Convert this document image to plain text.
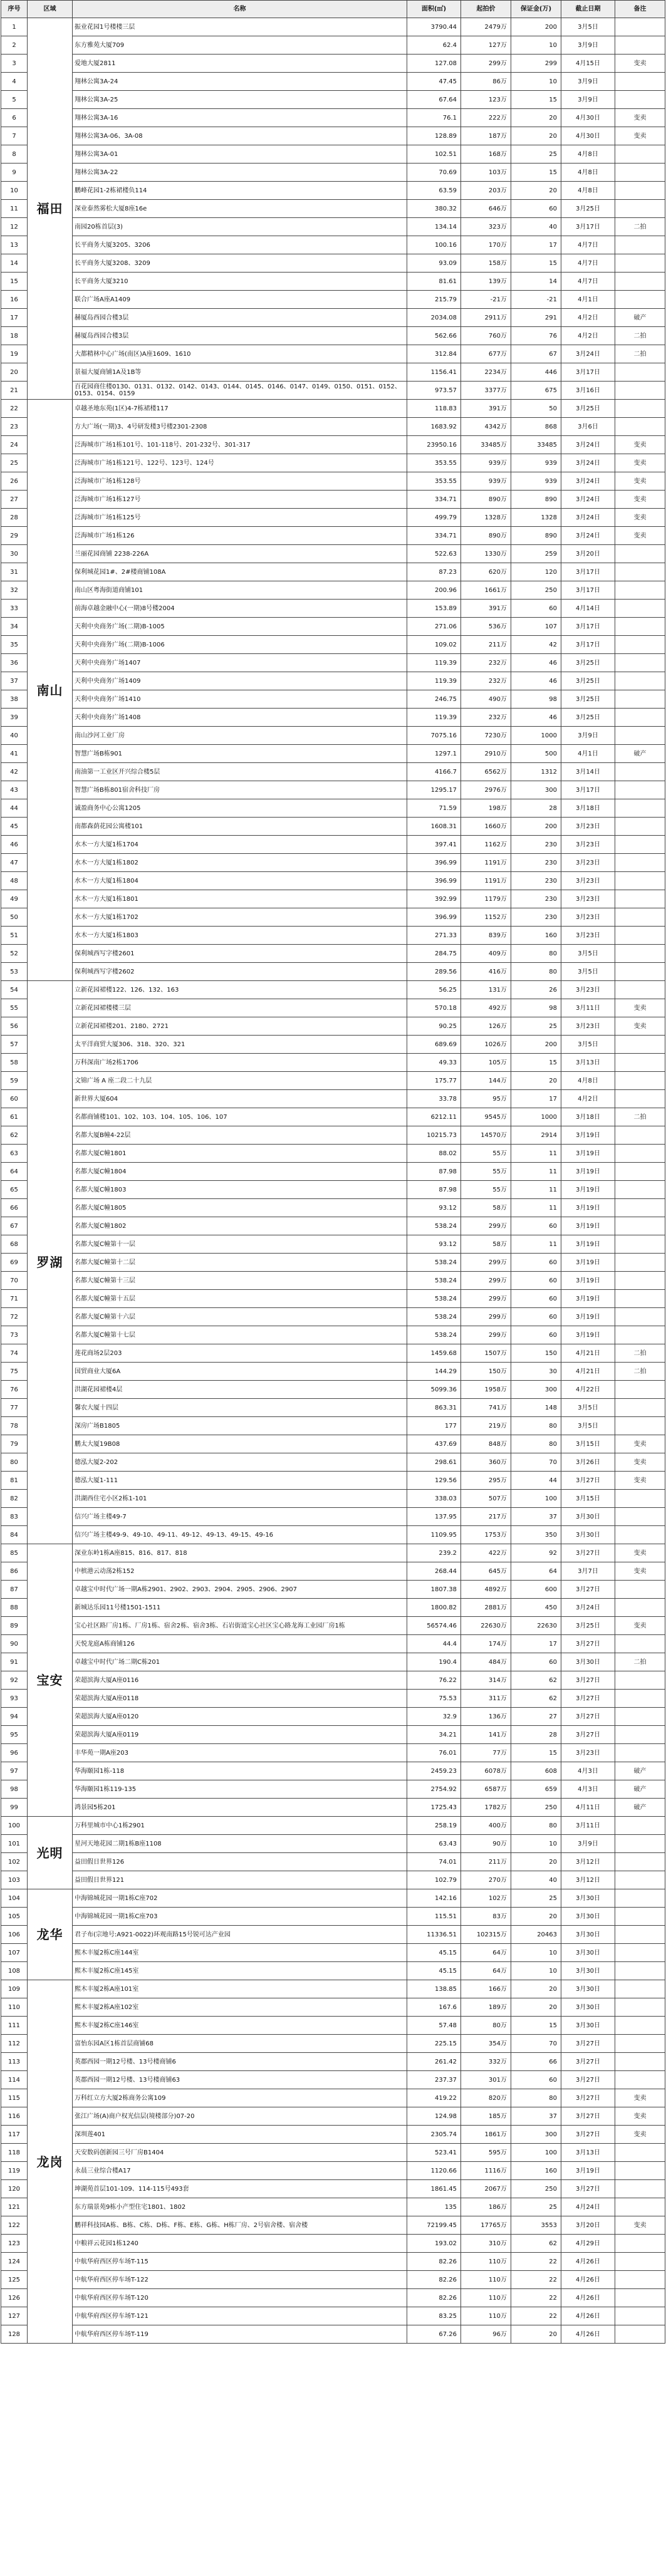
序号	区域	名称	面积(㎡)	起拍价	保证金(万)	截止日期	备注
1	福田	振业花园1号楼楼三层	3790.44	2479万	200	3月5日	
2		东方雅苑大厦709	62.4	127万	10	3月9日	
3		爱地大厦2811	127.08	299万	299	4月15日	变卖
4		翔林公寓3A-24	47.45	86万	10	3月9日	
5		翔林公寓3A-25	67.64	123万	15	3月9日	
6		翔林公寓3A-16	76.1	222万	20	4月30日	变卖
7		翔林公寓3A-06、3A-08	128.89	187万	20	4月30日	变卖
8		翔林公寓3A-01	102.51	168万	25	4月8日	
9		翔林公寓3A-22	70.69	103万	15	4月8日	
10		鹏峰花园1-2栋裙楼负114	63.59	203万	20	4月8日	
11		深业泰然雾松大厦8座16e	380.32	646万	60	3月25日	
12		南园20栋首层(3)	134.14	323万	40	3月17日	二拍
13		长平商务大厦3205、3206	100.16	170万	17	4月7日	
14		长平商务大厦3208、3209	93.09	158万	15	4月7日	
15		长平商务大厦3210	81.61	139万	14	4月7日	
16		联合广场A座A1409	215.79	-21万	-21	4月1日	
17		赫厦岛西园合楼3层	2034.08	2911万	291	4月2日	破产
18		赫厦岛西园合楼3层	562.66	760万	76	4月2日	二拍
19		大都精林中心广场(南区)A座1609、1610	312.84	677万	67	3月24日	二拍
20		景福大厦商铺1A及1B等	1156.41	2234万	446	3月17日	
21		百花园商住楼0130、0131、0132、0142、0143、0144、0145、0146、0147、0149、0150、0151、0152、0153、0154、0159	973.57	3377万	675	3月16日	
22	南山	卓越圣地东苑(1区)4-7栋裙楼117	118.83	391万	50	3月25日	
23		方大广场(一期)3、4号研发楼3号楼2301-2308	1683.92	4342万	868	3月6日	
24		泛海城市广场1栋101号、101-118号、201-232号、301-317	23950.16	33485万	33485	3月24日	变卖
25		泛海城市广场1栋121号、122号、123号、124号	353.55	939万	939	3月24日	变卖
26		泛海城市广场1栋128号	353.55	939万	939	3月24日	变卖
27		泛海城市广场1栋127号	334.71	890万	890	3月24日	变卖
28		泛海城市广场1栋125号	499.79	1328万	1328	3月24日	变卖
29		泛海城市广场1栋126	334.71	890万	890	3月24日	变卖
30		兰丽花园商铺 2238-226A	522.63	1330万	259	3月20日	
31		保利城花园1#、2#楼商铺108A	87.23	620万	120	3月17日	
32		南山区粤海街道商铺101	200.96	1661万	250	3月17日	
33		前海卓越金融中心(一期)8号楼2004	153.89	391万	60	4月14日	
34		天利中央商务广场(二期)B-1005	271.06	536万	107	3月17日	
35		天利中央商务广场(二期)B-1006	109.02	211万	42	3月17日	
36		天利中央商务广场1407	119.39	232万	46	3月25日	
37		天利中央商务广场1409	119.39	232万	46	3月25日	
38		天利中央商务广场1410	246.75	490万	98	3月25日	
39		天利中央商务广场1408	119.39	232万	46	3月25日	
40		南山沙河工业厂房	7075.16	7230万	1000	3月9日	
41		智慧广场B栋901	1297.1	2910万	500	4月1日	破产
42		南油第一工业区开兴综合楼5层	4166.7	6562万	1312	3月14日	
43		智慧广场B栋801宿舍科技厂房	1295.17	2976万	300	3月17日	
44		诚盈商务中心公寓1205	71.59	198万	28	3月18日	
45		南都森荫花园公寓楼101	1608.31	1660万	200	3月23日	
46		水木一方大厦1栋1704	397.41	1162万	230	3月23日	
47		水木一方大厦1栋1802	396.99	1191万	230	3月23日	
48		水木一方大厦1栋1804	396.99	1191万	230	3月23日	
49		水木一方大厦1栋1801	392.99	1179万	230	3月23日	
50		水木一方大厦1栋1702	396.99	1152万	230	3月23日	
51		水木一方大厦1栋1803	271.33	839万	160	3月23日	
52		保利城西写字楼2601	284.75	409万	80	3月5日	
53		保利城西写字楼2602	289.56	416万	80	3月5日	
54	罗湖	立新花园裙楼122、126、132、163	56.25	131万	26	3月23日	
55		立新花园裙楼楼三层	570.18	492万	98	3月11日	变卖
56		立新花园裙楼201、2180、2721	90.25	126万	25	3月23日	变卖
57		太平洋商贸大厦306、318、320、321	689.69	1026万	200	3月5日	
58		万科深南广场2栋1706	49.33	105万	15	3月13日	
59		文锦广场 A 座二段二十九层	175.77	144万	20	4月8日	
60		新世界大厦604	33.78	95万	17	4月2日	
61		名都商铺楼101、102、103、104、105、106、107	6212.11	9545万	1000	3月18日	二拍
62		名都大厦B幢4-22层	10215.73	14570万	2914	3月19日	
63		名都大厦C幢1801	88.02	55万	11	3月19日	
64		名都大厦C幢1804	87.98	55万	11	3月19日	
65		名都大厦C幢1803	87.98	55万	11	3月19日	
66		名都大厦C幢1805	93.12	58万	11	3月19日	
67		名都大厦C幢1802	538.24	299万	60	3月19日	
68		名都大厦C幢第十一层	93.12	58万	11	3月19日	
69		名都大厦C幢第十二层	538.24	299万	60	3月19日	
70		名都大厦C幢第十三层	538.24	299万	60	3月19日	
71		名都大厦C幢第十五层	538.24	299万	60	3月19日	
72		名都大厦C幢第十六层	538.24	299万	60	3月19日	
73		名都大厦C幢第十七层	538.24	299万	60	3月19日	
74		莲花商场2层203	1459.68	1507万	150	4月21日	二拍
75		国贸商业大厦6A	144.29	150万	30	4月21日	二拍
76		洪湖花园裙楼4层	5099.36	1958万	300	4月22日	
77		馨农大厦十四层	863.31	741万	148	3月5日	
78		深房广场B1805	177	219万	80	3月5日	
79		鹏太大厦19B08	437.69	848万	80	3月15日	变卖
80		德泓大厦2-202	298.61	360万	70	3月26日	变卖
81		德泓大厦1-111	129.56	295万	44	3月27日	变卖
82		洪湖西住宅小区2栋1-101	338.03	507万	100	3月15日	
83		信兴广场主楼49-7	137.95	217万	37	3月30日	
84		信兴广场主楼49-9、49-10、49-11、49-12、49-13、49-15、49-16	1109.95	1753万	350	3月30日	
85	宝安	深业东岭1栋A座815、816、817、818	239.2	422万	92	3月27日	变卖
86		中槟港云动荡2栋152	268.44	645万	64	3月7日	变卖
87		卓越宝中时代广场一期A栋2901、2902、2903、2904、2905、2906、2907	1807.38	4892万	600	3月27日	
88		新城达乐园11号楼1501-1511	1800.82	2881万	450	3月24日	
89		宝心社区路厂房1栋、厂房1栋、宿舍2栋、宿舍3栋、石岩街道宝心社区宝心路龙海工业园厂房1栋	56574.46	22630万	22630	3月25日	变卖
90		天悦龙庭A栋商铺126	44.4	174万	17	3月27日	
91		卓越宝中时代广场二期C栋201	190.4	484万	60	3月30日	二拍
92		荣超滨海大厦A座0116	76.22	314万	62	3月27日	
93		荣超滨海大厦A座0118	75.53	311万	62	3月27日	
94		荣超滨海大厦A座0120	32.9	136万	27	3月27日	
95		荣超滨海大厦A座0119	34.21	141万	28	3月27日	
96		丰华苑一期A座203	76.01	77万	15	3月23日	
97		华海颐园1栋-118	2459.23	6078万	608	4月3日	破产
98		华海颐园1栋119-135	2754.92	6587万	659	4月3日	破产
99		鸿景园5栋201	1725.43	1782万	250	4月11日	破产
100	光明	万科里城市中心1栋2901	258.19	400万	80	3月11日	
101		星河天地花园二期1栋B座1108	63.43	90万	10	3月9日	
102		益田假日世界126	74.01	211万	20	3月12日	
103		益田假日世界121	102.79	270万	40	3月12日	
104	龙华	中海锦城花园一期1栋C座702	142.16	102万	25	3月30日	
105		中海锦城花园一期1栋C座703	115.51	83万	20	3月30日	
106		君子布(宗地号:A921-0022)环观南路15号锐可达产业园	11336.51	102315万	20463	3月30日	
107		熙木丰厦2栋C座144室	45.15	64万	10	3月30日	
108		熙木丰厦2栋C座145室	45.15	64万	10	3月30日	
109	龙岗	熙木丰厦2栋A座101室	138.85	166万	20	3月30日	
110		熙木丰厦2栋A座102室	167.6	189万	20	3月30日	
111		熙木丰厦2栋C座146室	57.48	80万	15	3月30日	
112		富怡东园A区1栋首层商铺68	225.15	354万	70	3月27日	
113		英郡西园一期12号楼、13号楼商铺6	261.42	332万	66	3月27日	
114		英郡西园一期12号楼、13号楼商铺63	237.37	301万	60	3月27日	
115		万科红立方大厦2栋商务公寓109	419.22	820万	80	3月27日	变卖
116		张江广场(A)商户权光信层(境楼部分)07-20	124.98	185万	37	3月27日	变卖
117		深圳莲401	2305.74	1861万	300	3月27日	变卖
118		天安数码创新园三号厂房B1404	523.41	595万	100	3月13日	
119		永晨三业综合楼A17	1120.66	1116万	160	3月19日	
120		坤湖苑首层101-109、114-115号493套	1861.45	2067万	250	3月27日	
121		东方瑞景苑9栋小产型住宅1801、1802	135	186万	25	4月24日	
122		鹏祥科技园A栋、B栋、C栋、D栋、F栋、E栋、G栋、H栋厂房、2号宿舍楼、宿舍楼	72199.45	17765万	3553	3月20日	变卖
123		中粮祥云花园1栋1240	193.02	310万	62	4月29日	
124		中航华府西区停车场T-115	82.26	110万	22	4月26日	
125		中航华府西区停车场T-122	82.26	110万	22	4月26日	
126		中航华府西区停车场T-120	82.26	110万	22	4月26日	
127		中航华府西区停车场T-121	83.25	110万	22	4月26日	
128		中航华府西区停车场T-119	67.26	96万	20	4月26日	
